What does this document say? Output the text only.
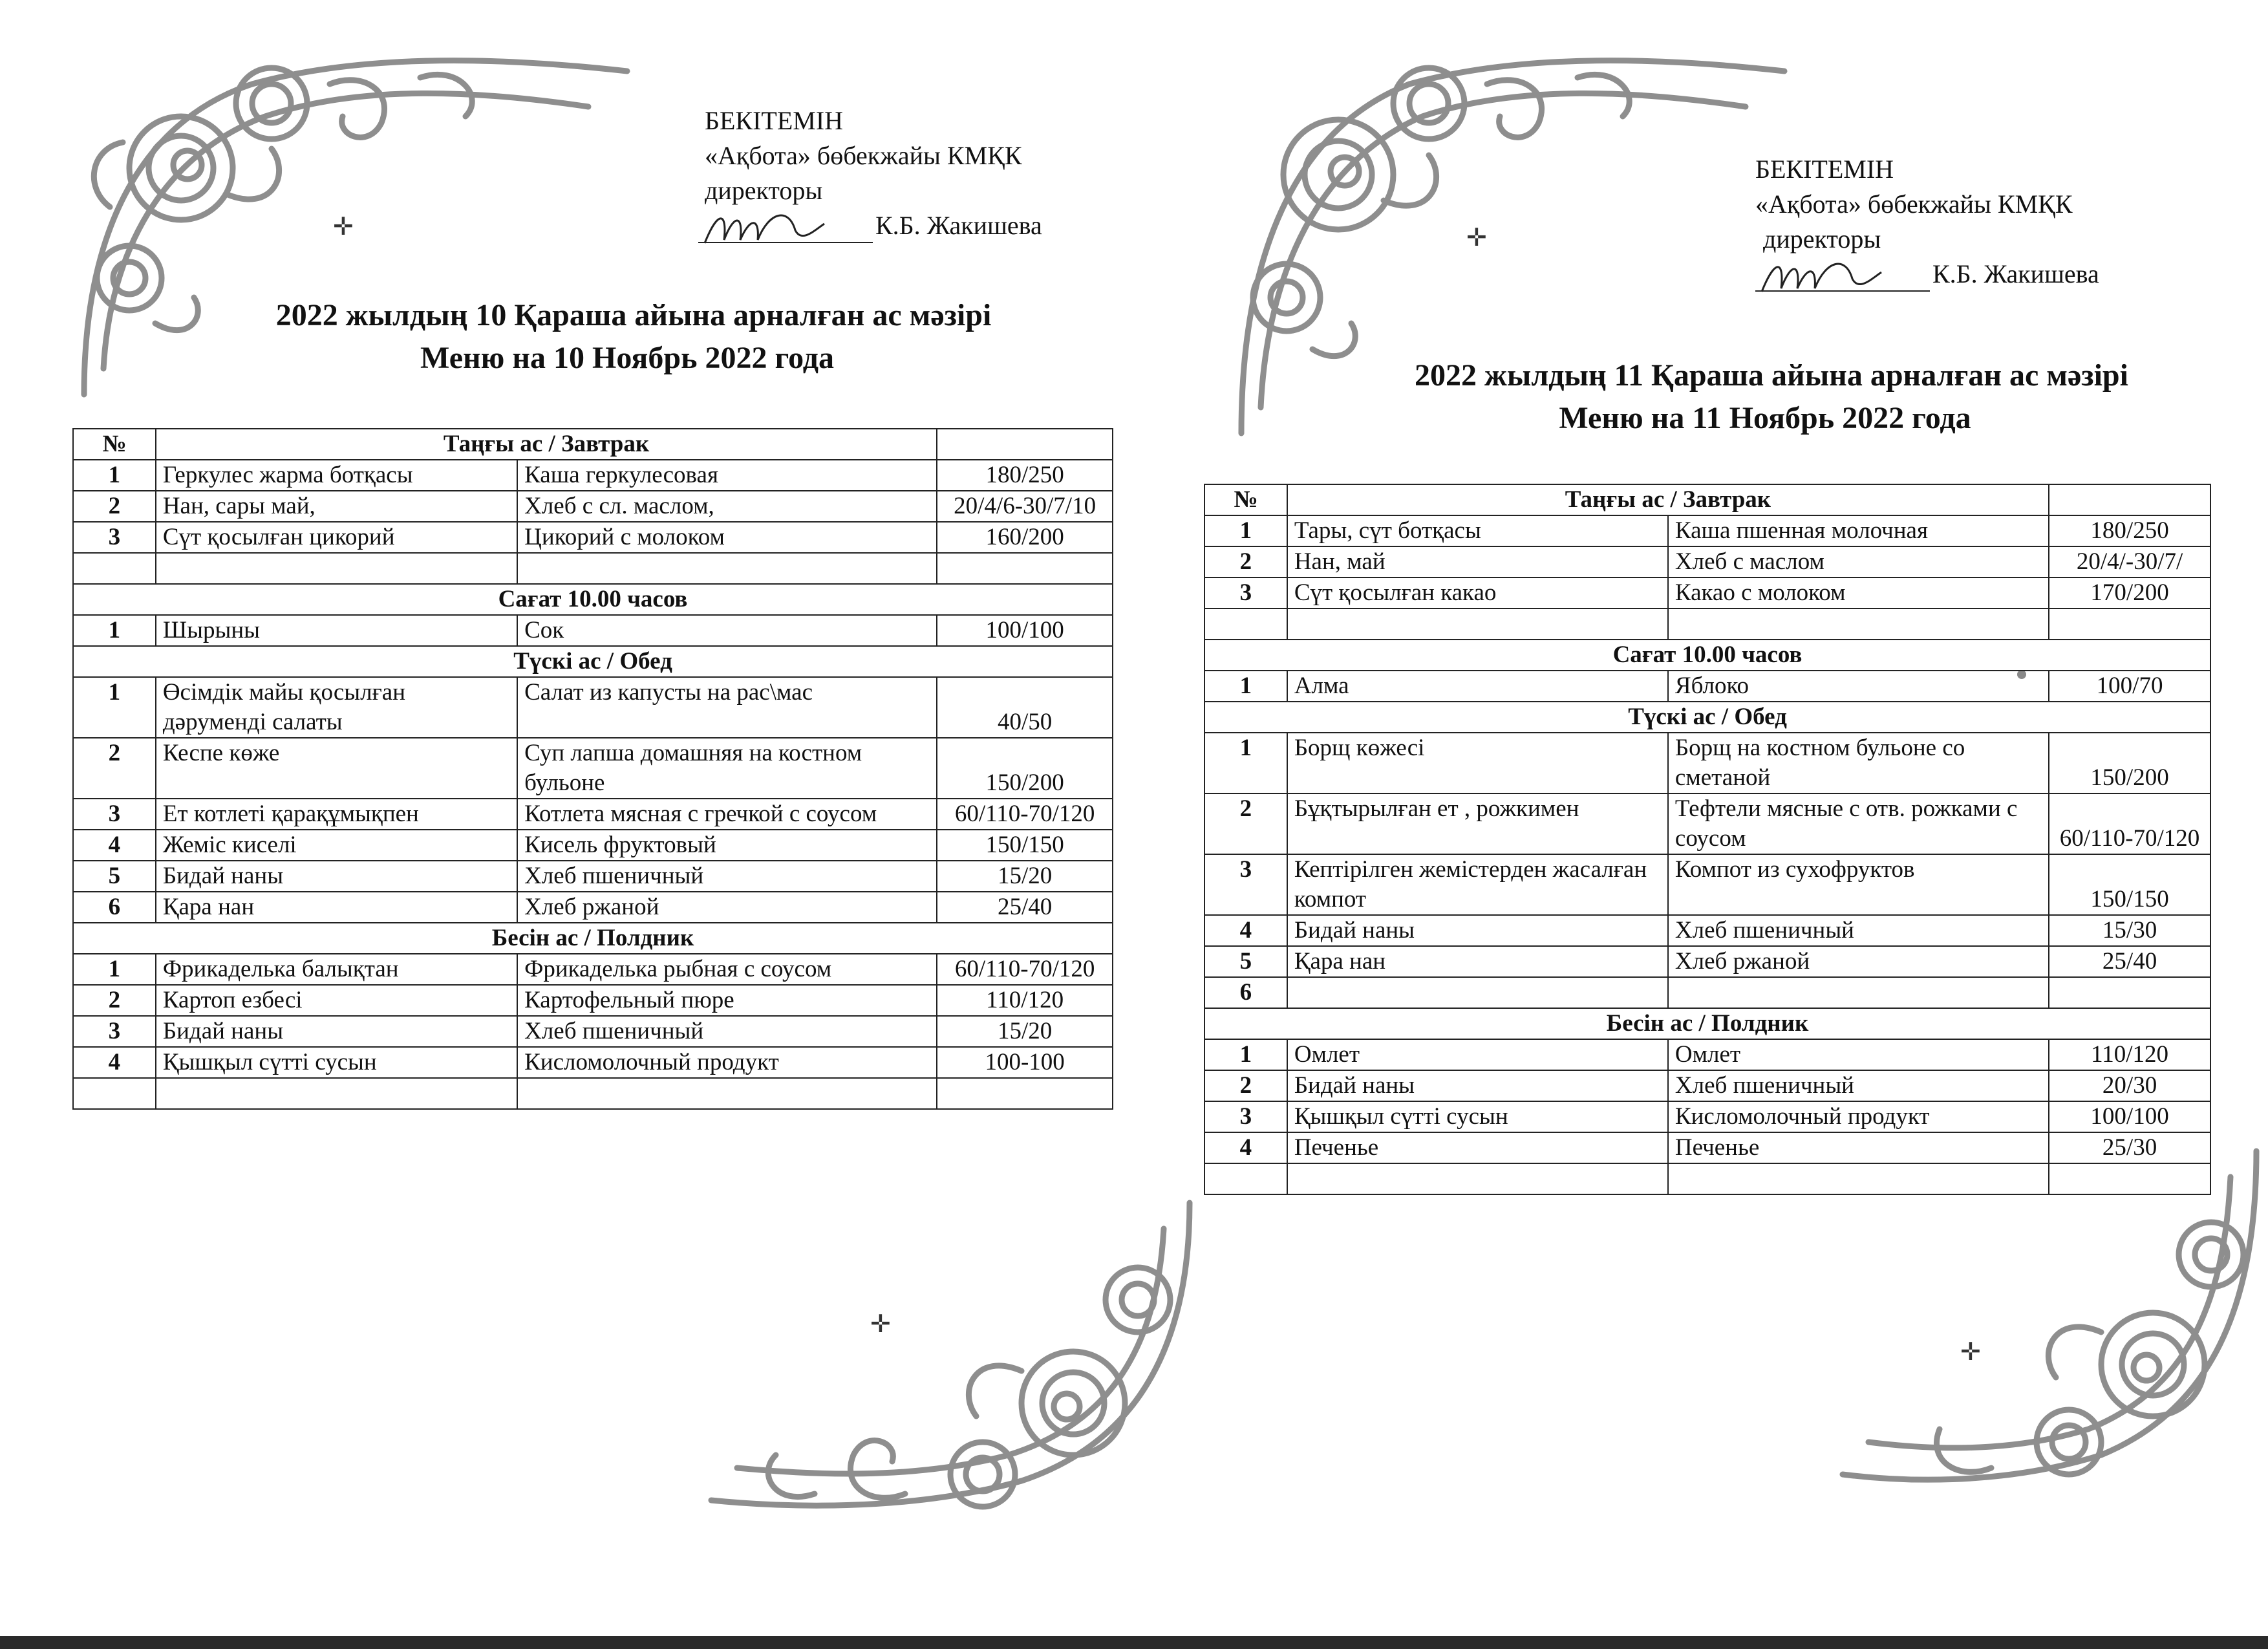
✛	✛
✛
✛
БЕКІТЕМІН
«Ақбота» бөбекжайы КМҚК
директоры
К.Б. Жакишева
2022 жылдың 10 Қараша айына арналған ас мәзірі
Меню на 10 Ноябрь 2022 года
№	Таңғы ас / Завтрак		
1	Геркулес жарма ботқасы	Каша геркулесовая	180/250
2	Нан, сары май,	Хлеб с сл. маслом,	20/4/6-30/7/10
3	Сүт қосылған цикорий	Цикорий с молоком	160/200

Сағат 10.00 часов			
1	Шырыны	Сок	100/100
Түскі ас / Обед			
1	Өсімдік майы қосылған дәруменді салаты	Салат из капусты на рас\мас	40/50
2	Кеспе көже	Суп лапша домашняя на костном бульоне	150/200
3	Ет котлеті қарақұмықпен	Котлета мясная с гречкой с соусом	60/110-70/120
4	Жеміс киселі	Кисель фруктовый	150/150
5	Бидай наны	Хлеб пшеничный	15/20
6	Қара нан	Хлеб ржаной	25/40
Бесін ас / Полдник			
1	Фрикаделька балықтан	Фрикаделька рыбная с соусом	60/110-70/120
2	Картоп езбесі	Картофельный пюре	110/120
3	Бидай наны	Хлеб пшеничный	15/20
4	Қышқыл сүтті сусын	Кисломолочный продукт	100-100

БЕКІТЕМІН
«Ақбота» бөбекжайы КМҚК
директоры
К.Б. Жакишева
2022 жылдың 11 Қараша айына арналған ас мәзірі
Меню на 11 Ноябрь 2022 года
№	Таңғы ас / Завтрак		
1	Тары, сүт ботқасы	Каша пшенная молочная	180/250
2	Нан, май	Хлеб с маслом	20/4/-30/7/
3	Сүт қосылған какао	Какао с молоком	170/200

Сағат 10.00 часов			
1	Алма	Яблоко	100/70
Түскі ас / Обед			
1	Борщ көжесі	Борщ на костном бульоне со сметаной	150/200
2	Бұқтырылған ет , рожкимен	Тефтели мясные с отв. рожками с соусом	60/110-70/120
3	Кептірілген жемістерден жасалған компот	Компот из сухофруктов	150/150
4	Бидай наны	Хлеб пшеничный	15/30
5	Қара нан	Хлеб ржаной	25/40
6			
Бесін ас / Полдник			
1	Омлет	Омлет	110/120
2	Бидай наны	Хлеб пшеничный	20/30
3	Қышқыл сүтті сусын	Кисломолочный продукт	100/100
4	Печенье	Печенье	25/30
